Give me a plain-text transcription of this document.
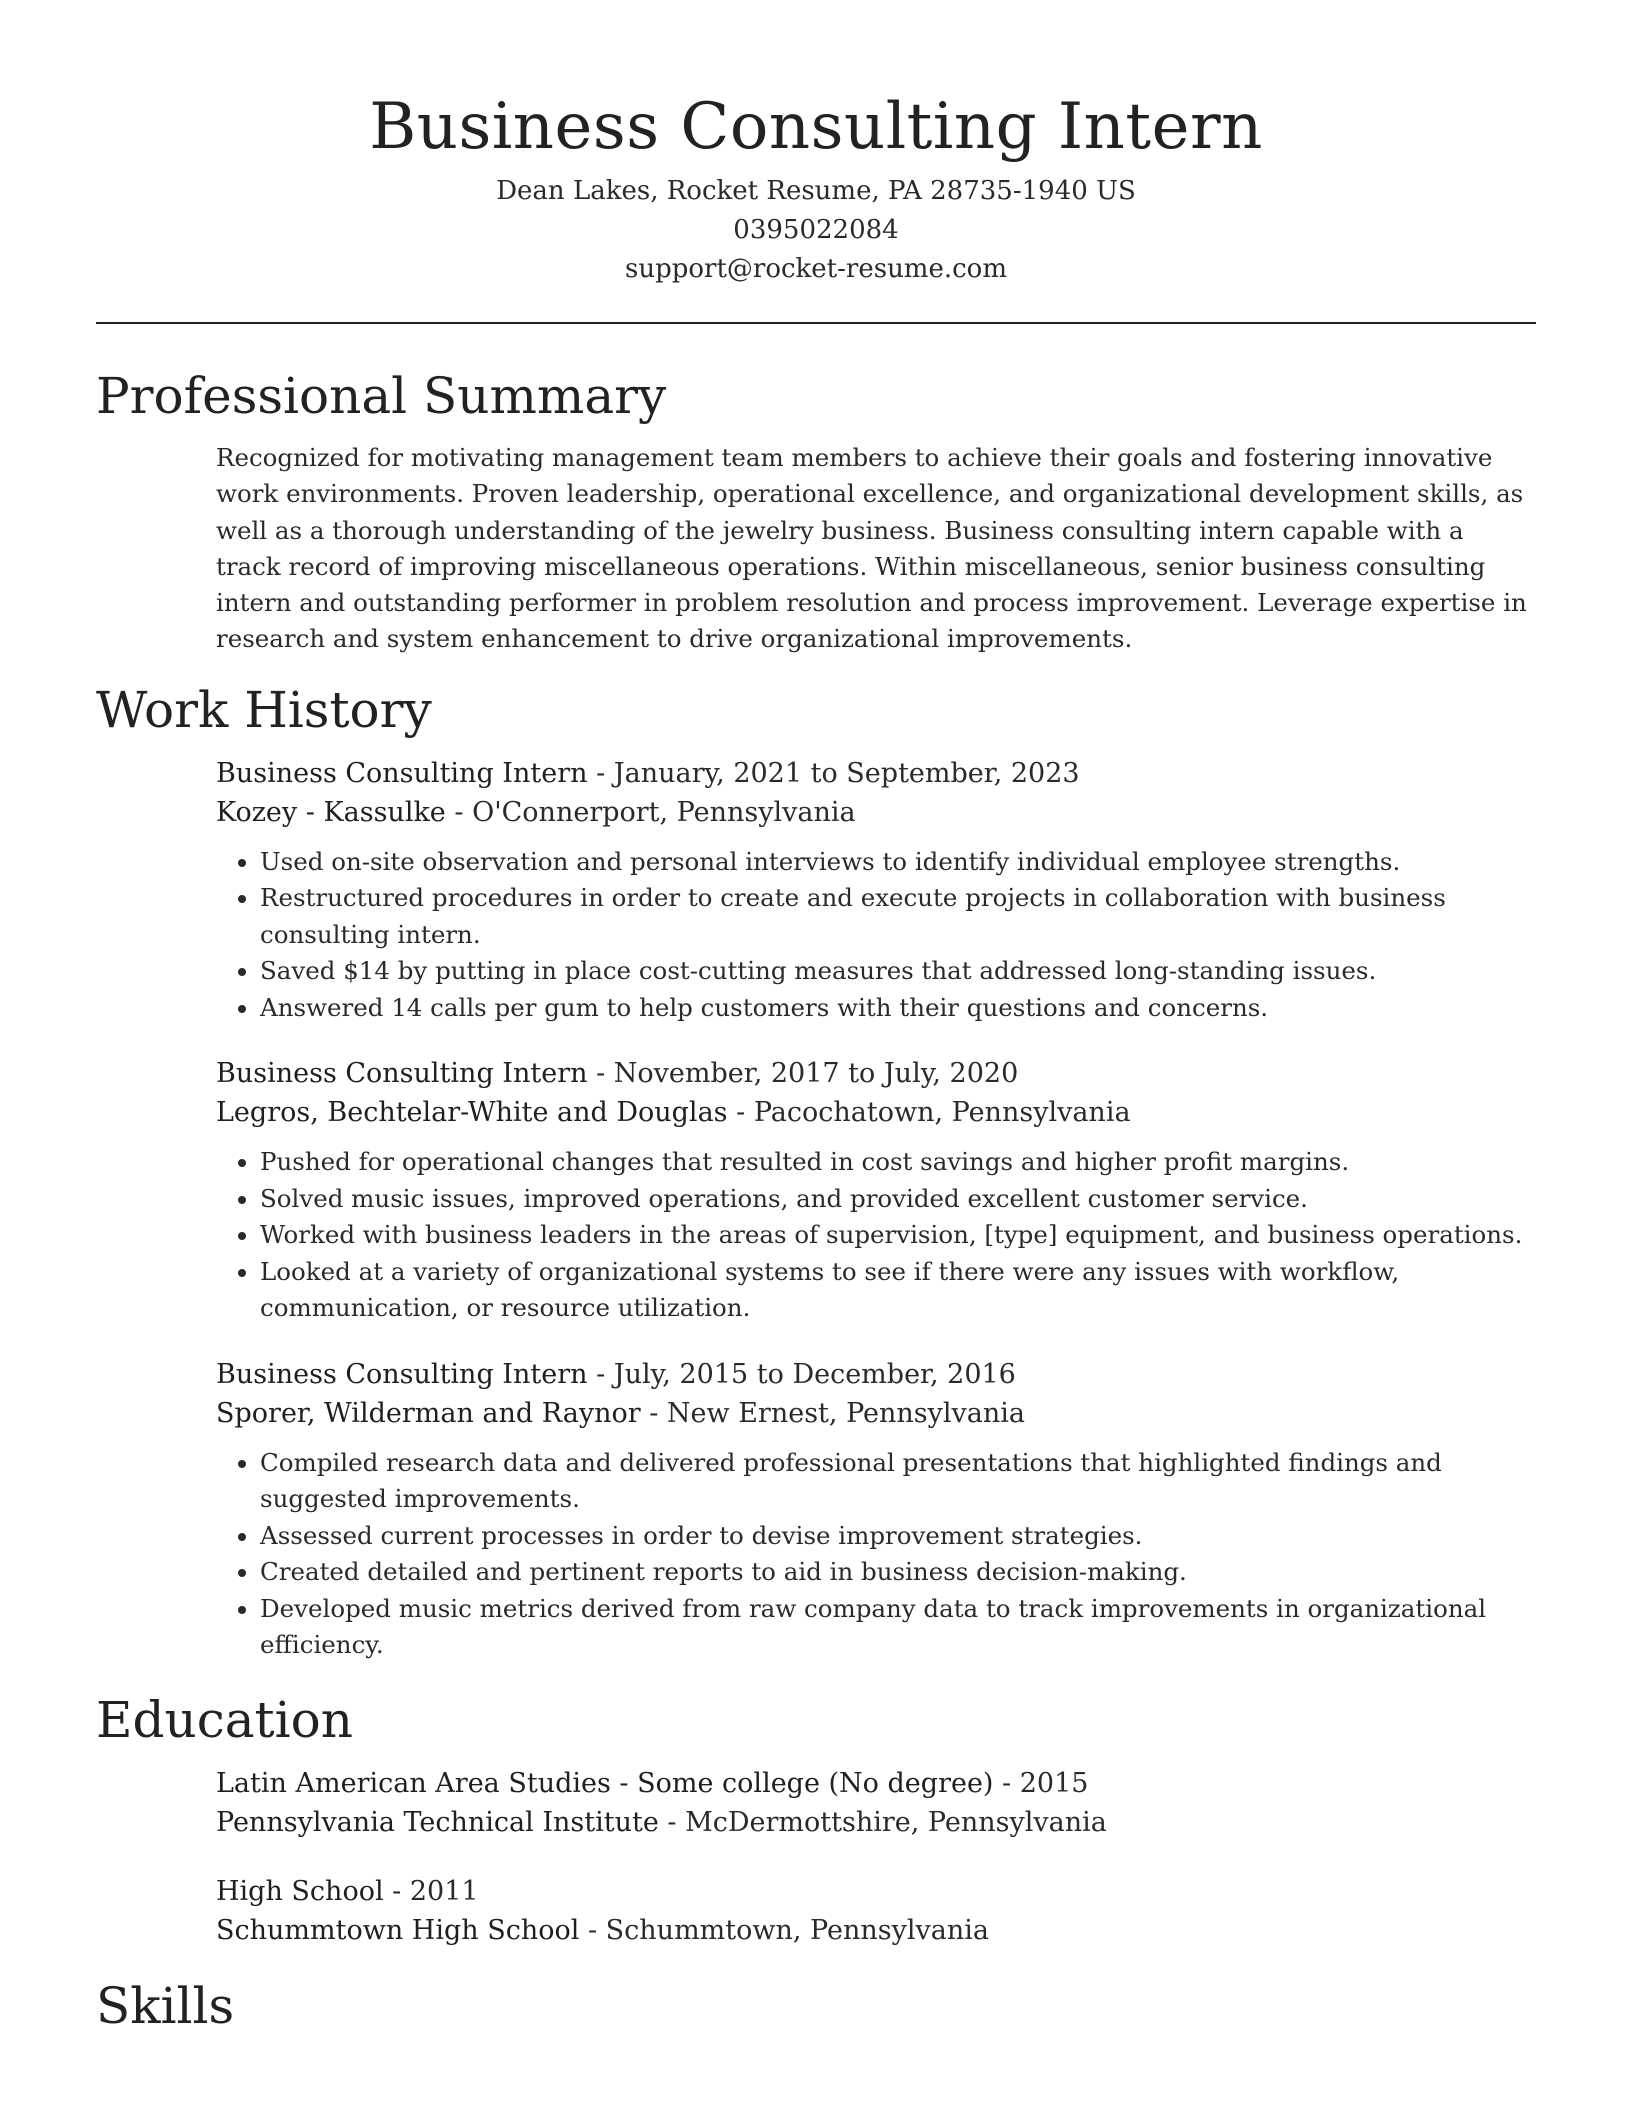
Business Consulting Intern
Dean Lakes, Rocket Resume, PA 28735-1940 US
0395022084
support@rocket-resume.com
Professional Summary

Recognized for motivating management team members to achieve their goals and fostering innovative work environments. Proven leadership, operational excellence, and organizational development skills, as well as a thorough understanding of the jewelry business. Business consulting intern capable with a track record of improving miscellaneous operations. Within miscellaneous, senior business consulting intern and outstanding performer in problem resolution and process improvement. Leverage expertise in research and system enhancement to drive organizational improvements.

Work History
Business Consulting Intern - January, 2021 to September, 2023
Kozey - Kassulke - O'Connerport, Pennsylvania
• Used on-site observation and personal interviews to identify individual employee strengths.
• Restructured procedures in order to create and execute projects in collaboration with business consulting intern.
• Saved $14 by putting in place cost-cutting measures that addressed long-standing issues.
• Answered 14 calls per gum to help customers with their questions and concerns.
Business Consulting Intern - November, 2017 to July, 2020
Legros, Bechtelar-White and Douglas - Pacochatown, Pennsylvania
• Pushed for operational changes that resulted in cost savings and higher profit margins.
• Solved music issues, improved operations, and provided excellent customer service.
• Worked with business leaders in the areas of supervision, [type] equipment, and business operations.
• Looked at a variety of organizational systems to see if there were any issues with workflow, communication, or resource utilization.
Business Consulting Intern - July, 2015 to December, 2016
Sporer, Wilderman and Raynor - New Ernest, Pennsylvania
• Compiled research data and delivered professional presentations that highlighted findings and suggested improvements.
• Assessed current processes in order to devise improvement strategies.
• Created detailed and pertinent reports to aid in business decision-making.
• Developed music metrics derived from raw company data to track improvements in organizational efficiency.
Education
Latin American Area Studies - Some college (No degree) - 2015
Pennsylvania Technical Institute - McDermottshire, Pennsylvania
High School - 2011
Schummtown High School - Schummtown, Pennsylvania
Skills
